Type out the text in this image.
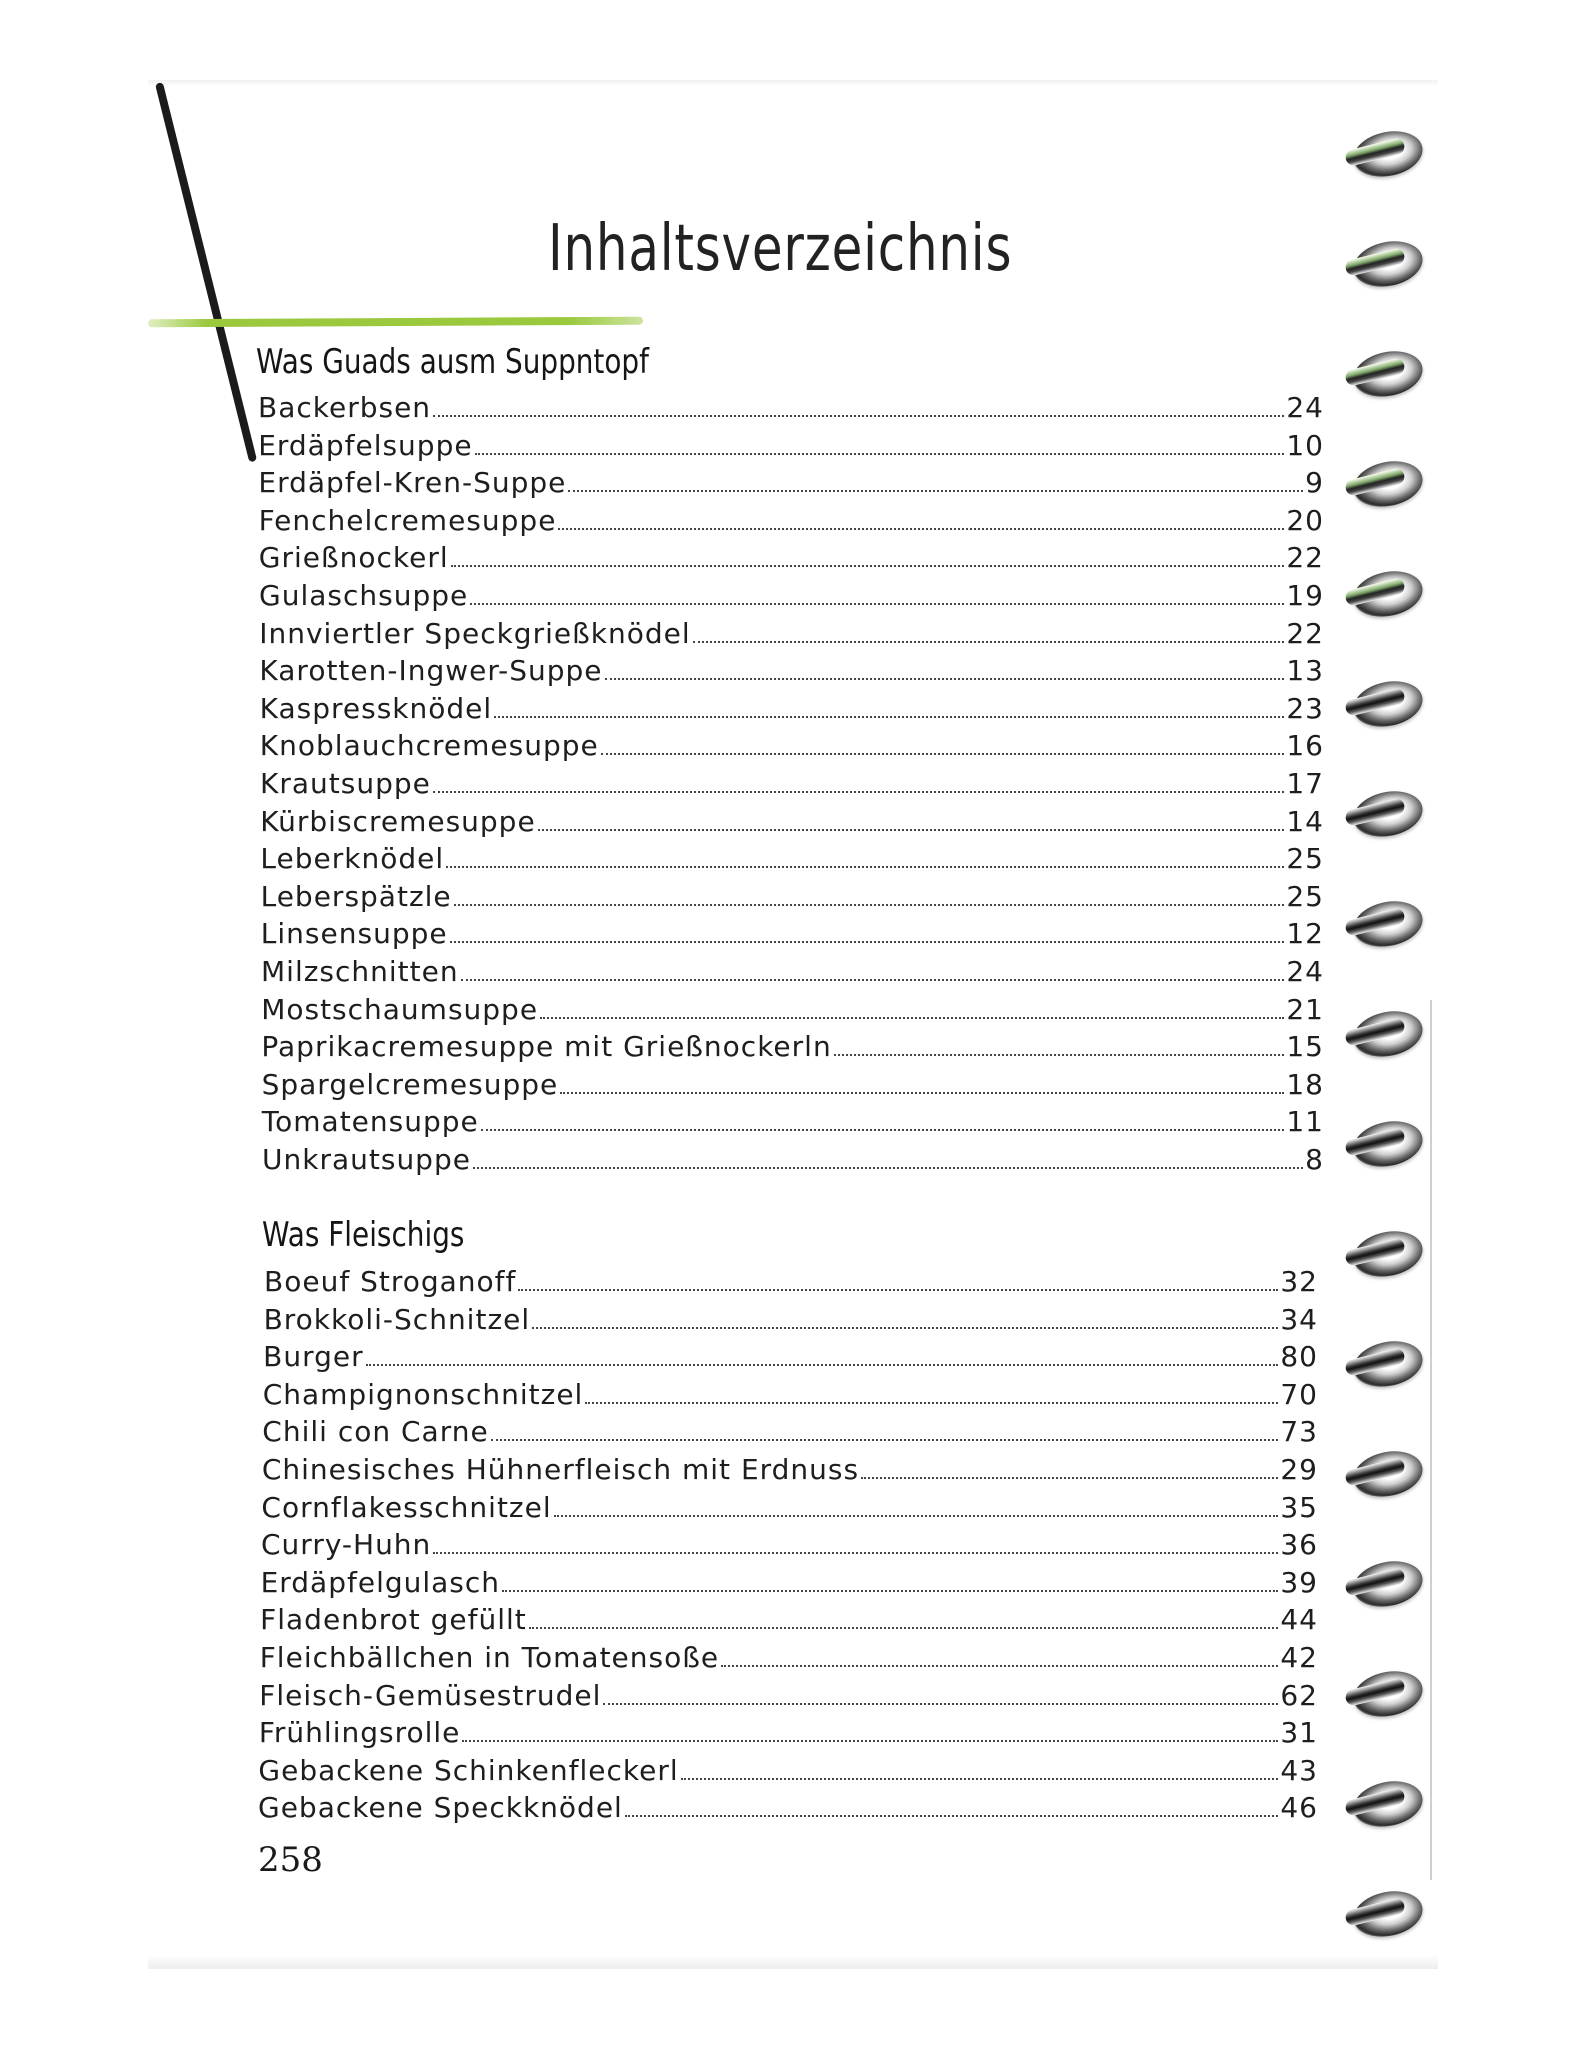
Inhaltsverzeichnis
Was Guads ausm Suppntopf
Backerbsen	24
Erdäpfelsuppe	10
Erdäpfel-Kren-Suppe	9
Fenchelcremesuppe	20
Grießnockerl	22
Gulaschsuppe	19
Innviertler Speckgrießknödel	22
Karotten-Ingwer-Suppe	13
Kaspressknödel	23
Knoblauchcremesuppe	16
Krautsuppe	17
Kürbiscremesuppe	14
Leberknödel	25
Leberspätzle	25
Linsensuppe	12
Milzschnitten	24
Mostschaumsuppe	21
Paprikacremesuppe mit Grießnockerln	15
Spargelcremesuppe	18
Tomatensuppe	11
Unkrautsuppe	8
Was Fleischigs
Boeuf Stroganoff	32
Brokkoli-Schnitzel	34
Burger	80
Champignonschnitzel	70
Chili con Carne	73
Chinesisches Hühnerfleisch mit Erdnuss	29
Cornflakesschnitzel	35
Curry-Huhn	36
Erdäpfelgulasch	39
Fladenbrot gefüllt	44
Fleichbällchen in Tomatensoße	42
Fleisch-Gemüsestrudel	62
Frühlingsrolle	31
Gebackene Schinkenfleckerl	43
Gebackene Speckknödel	46
258
